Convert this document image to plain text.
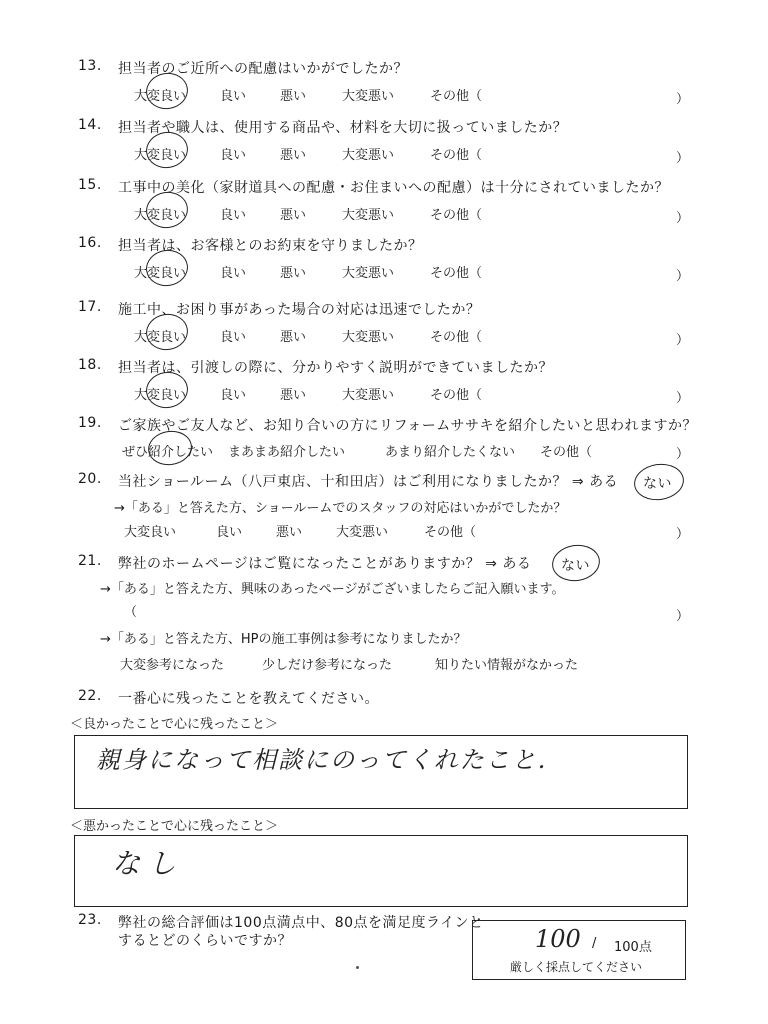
13. 担当者のご近所への配慮はいかがでしたか？
大変良い	良い	悪い	大変悪い	その他（	）
14. 担当者や職人は、使用する商品や、材料を大切に扱っていましたか？
大変良い	良い	悪い	大変悪い	その他（	）
15. 工事中の美化（家財道具への配慮・お住まいへの配慮）は十分にされていましたか？
大変良い	良い	悪い	大変悪い	その他（	）
16. 担当者は、お客様とのお約束を守りましたか？
大変良い	良い	悪い	大変悪い	その他（	）
17. 施工中、お困り事があった場合の対応は迅速でしたか？
大変良い	良い	悪い	大変悪い	その他（	）
18. 担当者は、引渡しの際に、分かりやすく説明ができていましたか？
大変良い	良い	悪い	大変悪い	その他（	）
19. ご家族やご友人など、お知り合いの方にリフォームササキを紹介したいと思われますか？
ぜひ紹介したい まあまあ紹介したい	あまり紹介したくない その他（	）
20. 当社ショールーム（八戸東店、十和田店）はご利用になりましたか？ ⇒ ある ない
→「ある」と答えた方、ショールームでのスタッフの対応はいかがでしたか？
大変良い	良い	悪い	大変悪い	その他（	）
21. 弊社のホームページはご覧になったことがありますか？ ⇒ ある ない
→「ある」と答えた方、興味のあったページがございましたらご記入願います。
（	）
→「ある」と答えた方、HPの施工事例は参考になりましたか？
大変参考になった	少しだけ参考になった	知りたい情報がなかった
22. 一番心に残ったことを教えてください。
＜良かったことで心に残ったこと＞
親身になって相談にのってくれたこと.
＜悪かったことで心に残ったこと＞
なし
23. 弊社の総合評価は100点満点中、80点を満足度ラインと
するとどのくらいですか？	100 / 100点
厳しく採点してください
